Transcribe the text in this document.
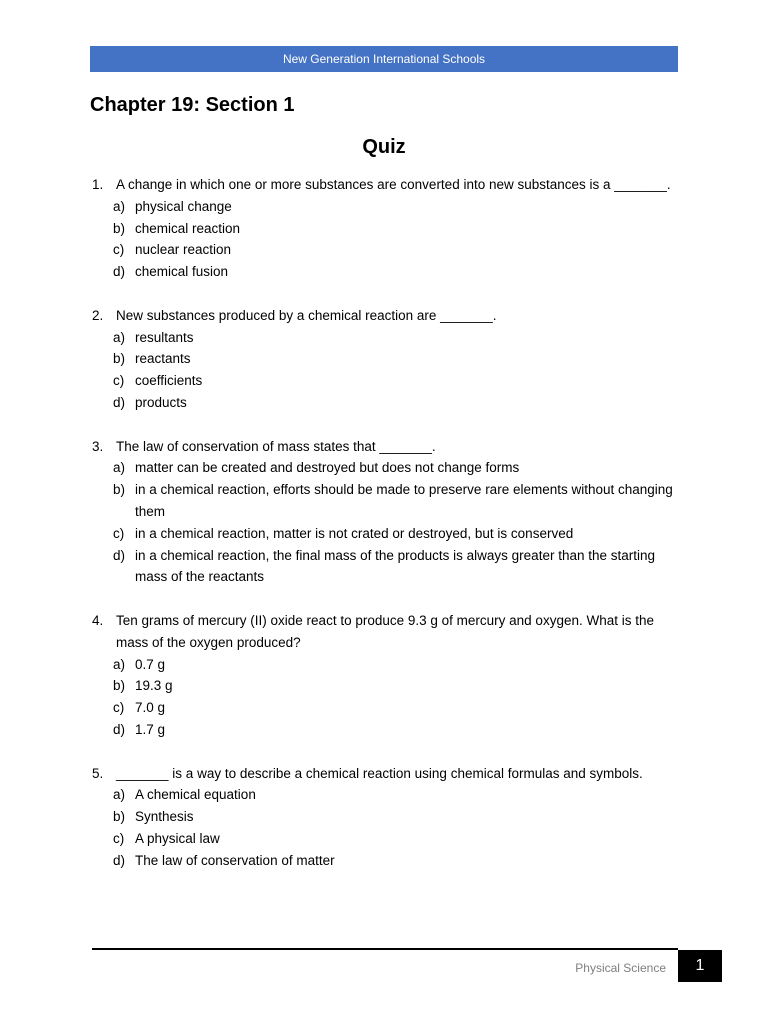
New Generation International Schools
Chapter 19: Section 1
Quiz
1. A change in which one or more substances are converted into new substances is a _______.
a) physical change
b) chemical reaction
c) nuclear reaction
d) chemical fusion
2. New substances produced by a chemical reaction are _______.
a) resultants
b) reactants
c) coefficients
d) products
3. The law of conservation of mass states that _______.
a) matter can be created and destroyed but does not change forms
b) in a chemical reaction, efforts should be made to preserve rare elements without changing them
c) in a chemical reaction, matter is not crated or destroyed, but is conserved
d) in a chemical reaction, the final mass of the products is always greater than the starting mass of the reactants
4. Ten grams of mercury (II) oxide react to produce 9.3 g of mercury and oxygen. What is the mass of the oxygen produced?
a) 0.7 g
b) 19.3 g
c) 7.0 g
d) 1.7 g
5. _______ is a way to describe a chemical reaction using chemical formulas and symbols.
a) A chemical equation
b) Synthesis
c) A physical law
d) The law of conservation of matter
Physical Science 1
